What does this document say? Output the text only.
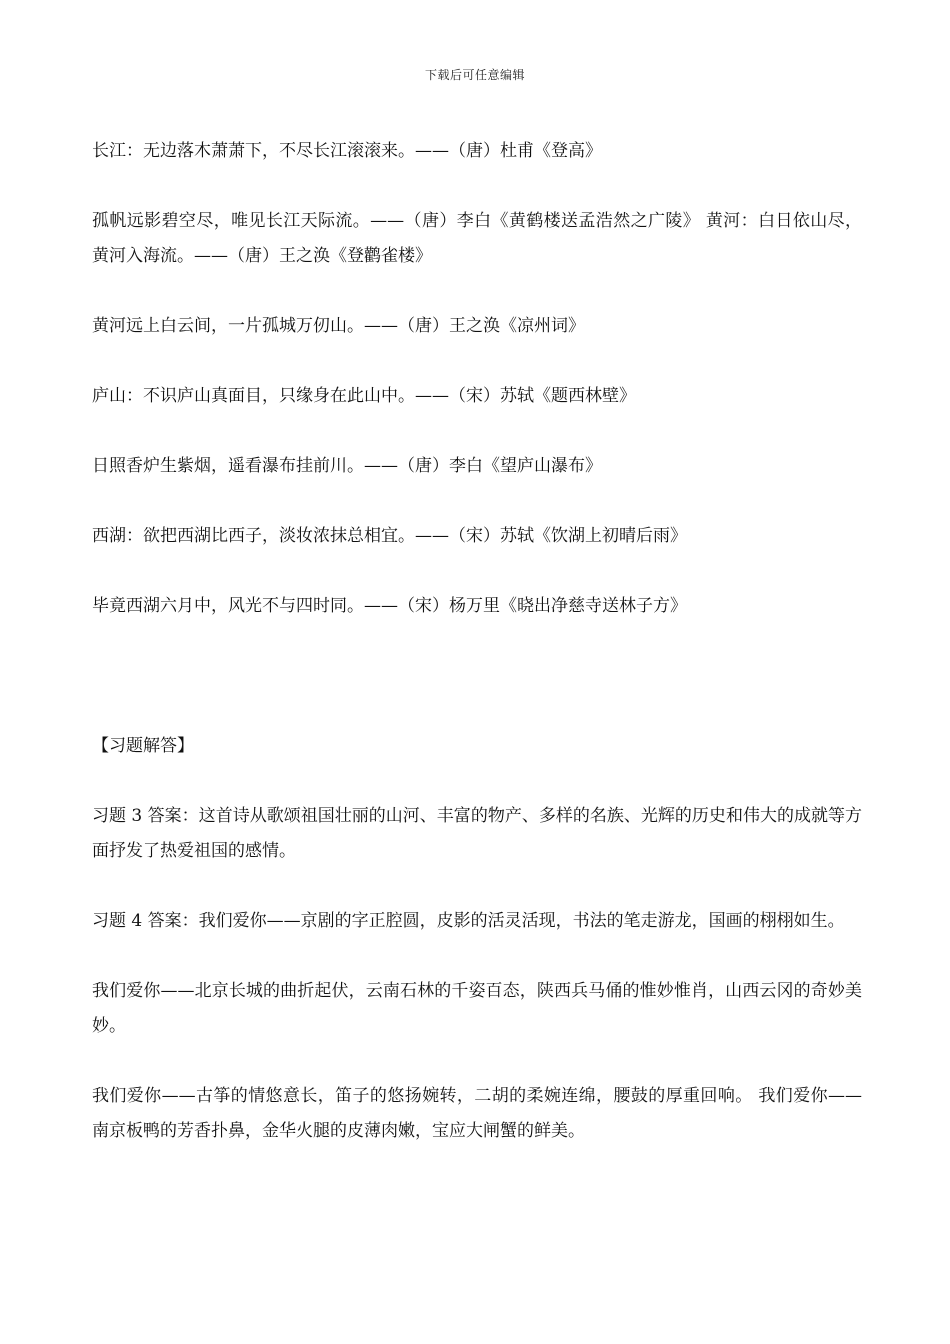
下载后可任意编辑

长江：无边落木萧萧下，不尽长江滚滚来。——（唐）杜甫《登高》

孤帆远影碧空尽，唯见长江天际流。——（唐）李白《黄鹤楼送孟浩然之广陵》 黄河：白日依山尽，黄河入海流。——（唐）王之涣《登鹳雀楼》

黄河远上白云间，一片孤城万仞山。——（唐）王之涣《凉州词》

庐山：不识庐山真面目，只缘身在此山中。——（宋）苏轼《题西林壁》

日照香炉生紫烟，遥看瀑布挂前川。——（唐）李白《望庐山瀑布》

西湖：欲把西湖比西子，淡妆浓抹总相宜。——（宋）苏轼《饮湖上初晴后雨》

毕竟西湖六月中，风光不与四时同。——（宋）杨万里《晓出净慈寺送林子方》

【习题解答】

习题 3 答案：这首诗从歌颂祖国壮丽的山河、丰富的物产、多样的名族、光辉的历史和伟大的成就等方面抒发了热爱祖国的感情。

习题 4 答案：我们爱你——京剧的字正腔圆，皮影的活灵活现，书法的笔走游龙，国画的栩栩如生。

我们爱你——北京长城的曲折起伏，云南石林的千姿百态，陕西兵马俑的惟妙惟肖，山西云冈的奇妙美妙。

我们爱你——古筝的情悠意长，笛子的悠扬婉转，二胡的柔婉连绵，腰鼓的厚重回响。 我们爱你——南京板鸭的芳香扑鼻，金华火腿的皮薄肉嫩，宝应大闸蟹的鲜美。
